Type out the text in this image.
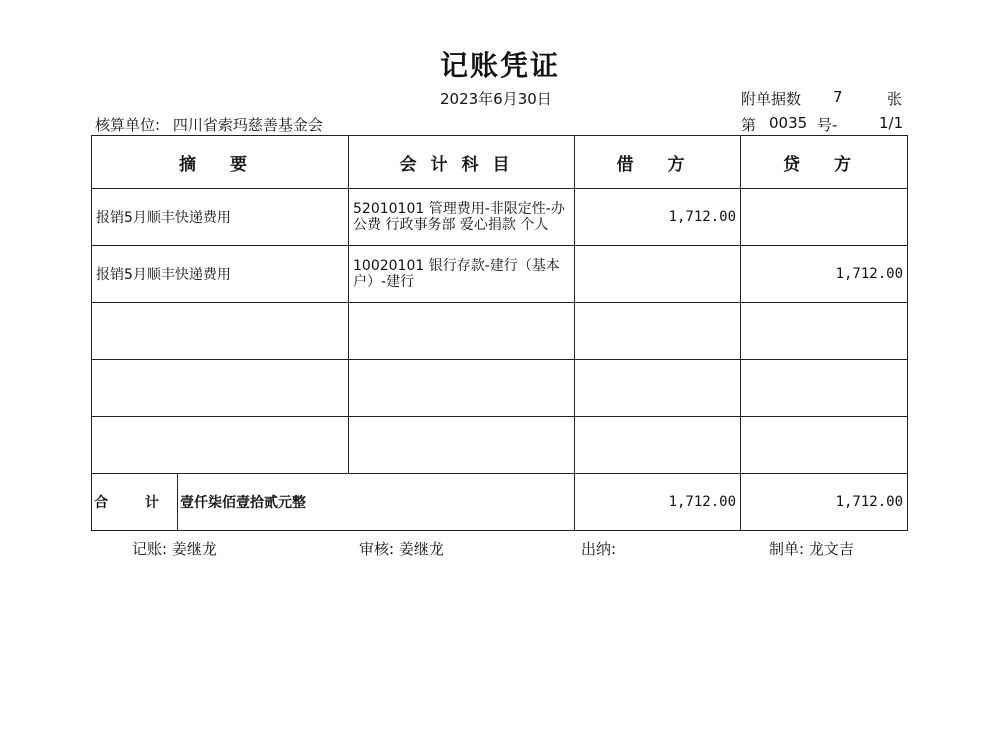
记账凭证
2023年6月30日	附单据数 7	张
核算单位: 四川省索玛慈善基金会	第 0035 号-	1/1
摘 要		会计科目	借 方	贷 方
报销5月顺丰快递费用		52010101 管理费用-非限定性-办公费 行政事务部 爱心捐款 个人	1,712.00	
报销5月顺丰快递费用		10020101 银行存款-建行（基本户）-建行		1,712.00

合 计	壹仟柒佰壹拾贰元整		1,712.00	1,712.00
记账: 姜继龙	审核: 姜继龙	出纳:	制单: 龙文吉
